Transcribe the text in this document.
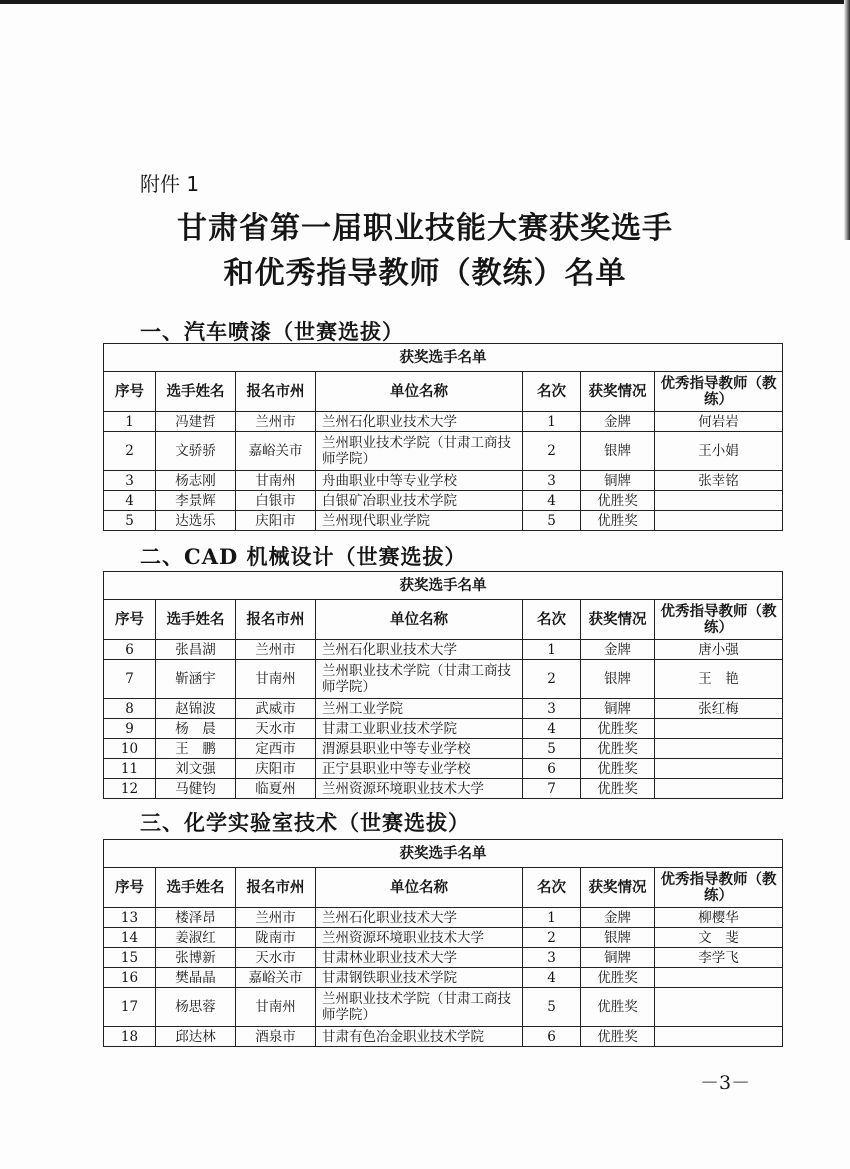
附件 1
甘肃省第一届职业技能大赛获奖选手
和优秀指导教师（教练）名单
一、汽车喷漆（世赛选拔）
获奖选手名单						
序号	选手姓名	报名市州	单位名称	名次	获奖情况	优秀指导教师（教练）
1	冯建哲	兰州市	兰州石化职业技术大学	1	金牌	何岩岩
2	文骄骄	嘉峪关市	兰州职业技术学院（甘肃工商技师学院）	2	银牌	王小娟
3	杨志刚	甘南州	舟曲职业中等专业学校	3	铜牌	张幸铭
4	李景辉	白银市	白银矿冶职业技术学院	4	优胜奖	
5	达选乐	庆阳市	兰州现代职业学院	5	优胜奖	
二、CAD 机械设计（世赛选拔）
获奖选手名单						
序号	选手姓名	报名市州	单位名称	名次	获奖情况	优秀指导教师（教练）
6	张昌湖	兰州市	兰州石化职业技术大学	1	金牌	唐小强
7	靳涵宇	甘南州	兰州职业技术学院（甘肃工商技师学院）	2	银牌	王　艳
8	赵锦波	武威市	兰州工业学院	3	铜牌	张红梅
9	杨　晨	天水市	甘肃工业职业技术学院	4	优胜奖	
10	王　鹏	定西市	渭源县职业中等专业学校	5	优胜奖	
11	刘文强	庆阳市	正宁县职业中等专业学校	6	优胜奖	
12	马健钧	临夏州	兰州资源环境职业技术大学	7	优胜奖	
三、化学实验室技术（世赛选拔）
获奖选手名单						
序号	选手姓名	报名市州	单位名称	名次	获奖情况	优秀指导教师（教练）
13	楼泽昂	兰州市	兰州石化职业技术大学	1	金牌	柳樱华
14	姜淑红	陇南市	兰州资源环境职业技术大学	2	银牌	文　斐
15	张博新	天水市	甘肃林业职业技术大学	3	铜牌	李学飞
16	樊晶晶	嘉峪关市	甘肃钢铁职业技术学院	4	优胜奖	
17	杨思蓉	甘南州	兰州职业技术学院（甘肃工商技师学院）	5	优胜奖	
18	邱达林	酒泉市	甘肃有色冶金职业技术学院	6	优胜奖	
－3－
